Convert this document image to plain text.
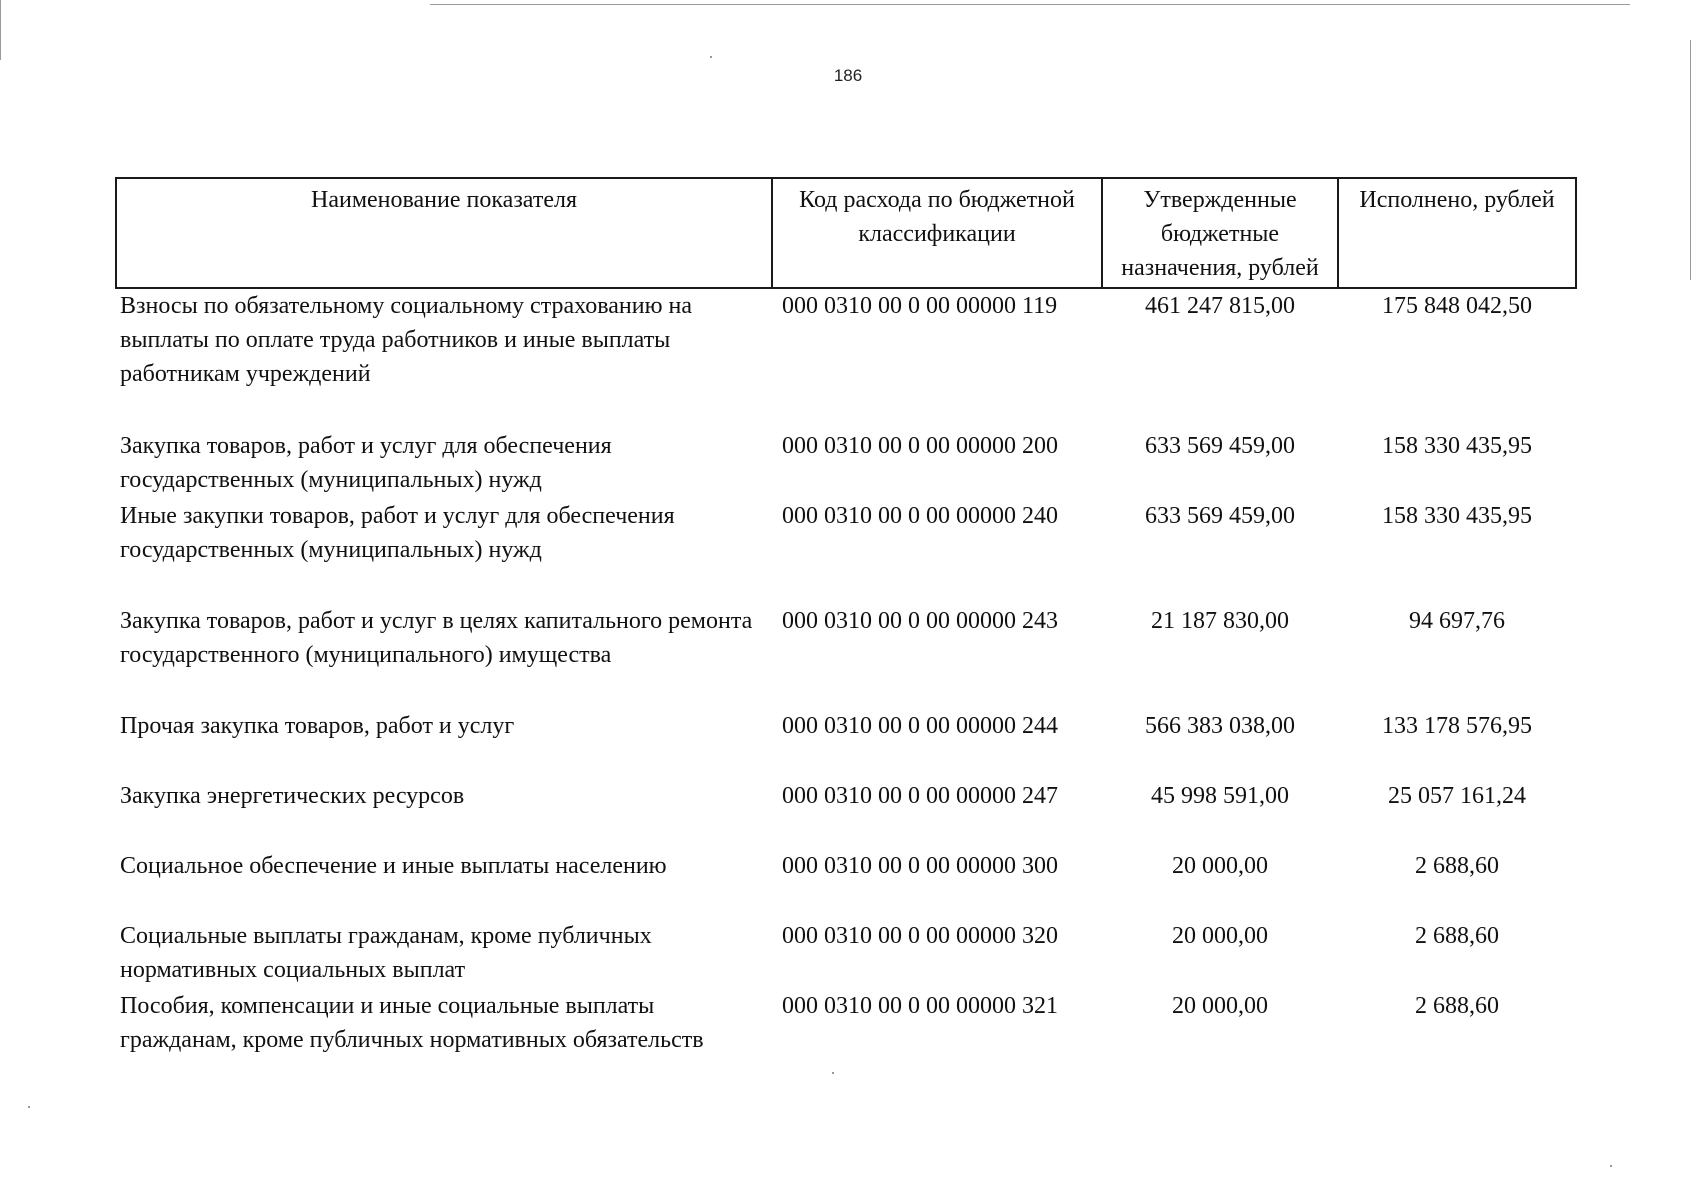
186
Наименование показателя	Код расхода по бюджетной классификации	Утвержденные бюджетные назначения, рублей	Исполнено, рублей
Взносы по обязательному социальному страхованию на выплаты по оплате труда работников и иные выплаты работникам учреждений	000 0310 00 0 00 00000 119	461 247 815,00	175 848 042,50
Закупка товаров, работ и услуг для обеспечения государственных (муниципальных) нужд	000 0310 00 0 00 00000 200	633 569 459,00	158 330 435,95
Иные закупки товаров, работ и услуг для обеспечения государственных (муниципальных) нужд	000 0310 00 0 00 00000 240	633 569 459,00	158 330 435,95
Закупка товаров, работ и услуг в целях капитального ремонта государственного (муниципального) имущества	000 0310 00 0 00 00000 243	21 187 830,00	94 697,76
Прочая закупка товаров, работ и услуг	000 0310 00 0 00 00000 244	566 383 038,00	133 178 576,95
Закупка энергетических ресурсов	000 0310 00 0 00 00000 247	45 998 591,00	25 057 161,24
Социальное обеспечение и иные выплаты населению	000 0310 00 0 00 00000 300	20 000,00	2 688,60
Социальные выплаты гражданам, кроме публичных нормативных социальных выплат	000 0310 00 0 00 00000 320	20 000,00	2 688,60
Пособия, компенсации и иные социальные выплаты гражданам, кроме публичных нормативных обязательств	000 0310 00 0 00 00000 321	20 000,00	2 688,60
